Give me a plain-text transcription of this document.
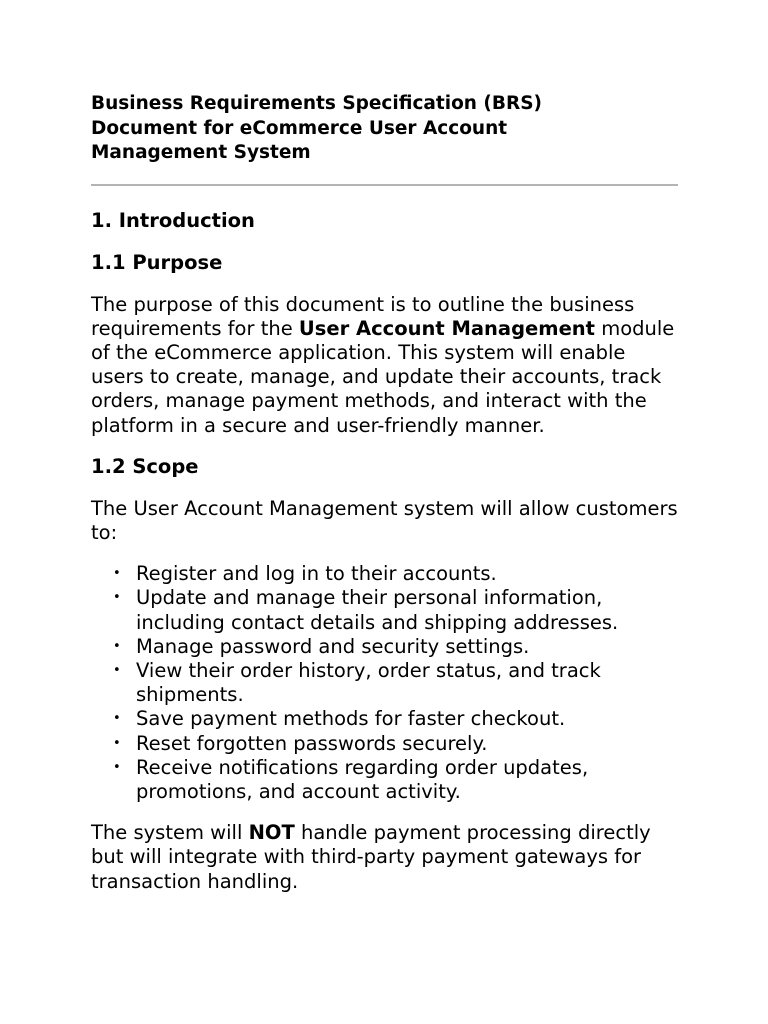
Business Requirements Specification (BRS) Document for eCommerce User Account Management System
1. Introduction
1.1 Purpose

The purpose of this document is to outline the business requirements for the User Account Management module of the eCommerce application. This system will enable users to create, manage, and update their accounts, track orders, manage payment methods, and interact with the platform in a secure and user-friendly manner.

1.2 Scope

The User Account Management system will allow customers to:

• Register and log in to their accounts.
• Update and manage their personal information, including contact details and shipping addresses.
• Manage password and security settings.
• View their order history, order status, and track shipments.
• Save payment methods for faster checkout.
• Reset forgotten passwords securely.
• Receive notifications regarding order updates, promotions, and account activity.

The system will NOT handle payment processing directly but will integrate with third-party payment gateways for transaction handling.
